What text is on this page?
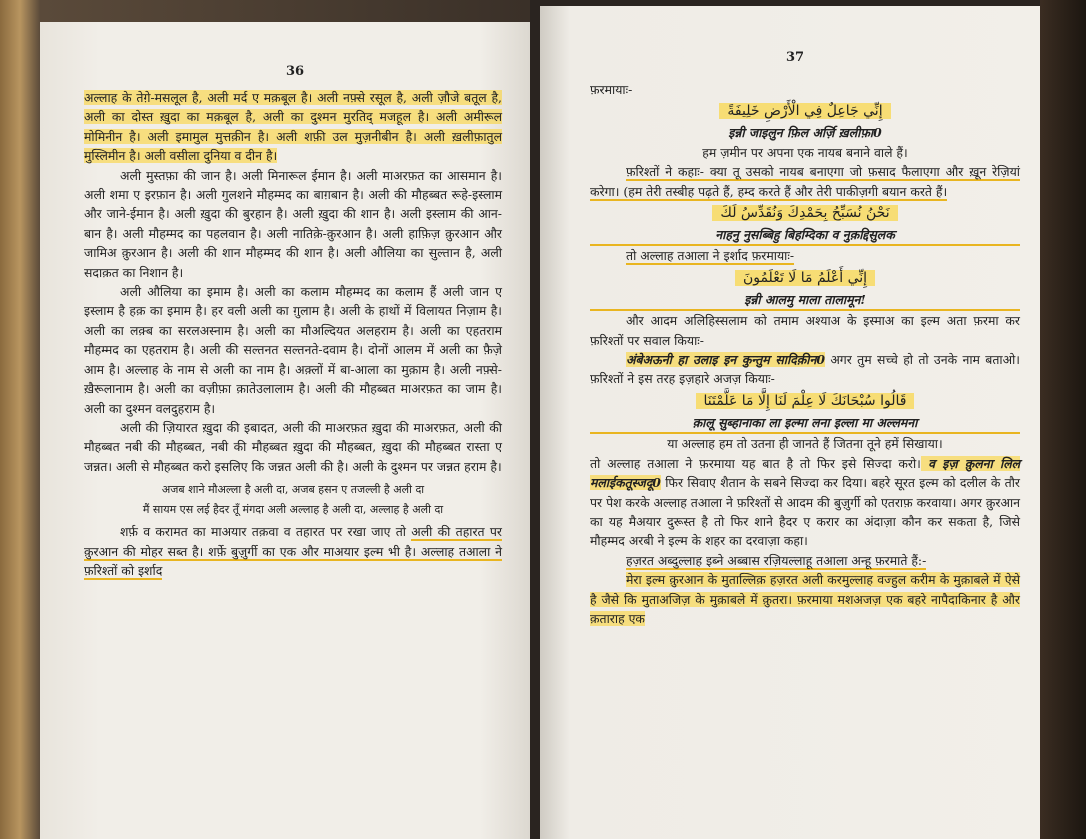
36

अल्लाह के तेग़े-मसलूल है, अली मर्द ए मक़बूल है। अली नफ़्से रसूल है, अली ज़ौजे बतूल है, अली का दोस्त ख़ुदा का मक़बूल है, अली का दुश्मन मुरतिद् मजहूल है। अली अमीरूल मोमिनीन है। अली इमामुल मुत्तक़ीन है। अली शफ़ी उल मुज़नीबीन है। अली ख़लीफ़ातुल मुस्लिमीन है। अली वसीला दुनिया व दीन है।

अली मुस्तफ़ा की जान है। अली मिनारूल ईमान है। अली माअरफ़त का आसमान है। अली शमा ए इरफ़ान है। अली गुलशने मौहम्मद का बाग़बान है। अली की मौहब्बत रूहे-इस्लाम और जाने-ईमान है। अली ख़ुदा की बुरहान है। अली ख़ुदा की शान है। अली इस्लाम की आन-बान है। अली मौहम्मद का पहलवान है। अली नातिक़े-क़ुरआन है। अली हाफ़िज़ क़ुरआन और जामिअ क़ुरआन है। अली की शान मौहम्मद की शान है। अली औलिया का सुल्तान है, अली सदाक़त का निशान है।

अली औलिया का इमाम है। अली का कलाम मौहम्मद का कलाम हैं अली जान ए इस्लाम है हक़ का इमाम है। हर वली अली का ग़ुलाम है। अली के हाथों में विलायत निज़ाम है। अली का लक़्ब का सरलअस्नाम है। अली का मौअल्दियत अलहराम है। अली का एहतराम मौहम्मद का एहतराम है। अली की सल्तनत सल्तनते-दवाम है। दोनों आलम में अली का फ़ैज़े आम है। अल्लाह के नाम से अली का नाम है। अक़्लों में बा-आला का मुक़ाम है। अली नफ़्से-ख़ैरूलानाम है। अली का वज़ीफ़ा क़ातेउलालाम है। अली की मौहब्बत माअरफ़त का जाम है। अली का दुश्मन वलदुहराम है।

अली की ज़ियारत ख़ुदा की इबादत, अली की माअरफ़त ख़ुदा की माअरफ़त, अली की मौहब्बत नबी की मौहब्बत, नबी की मौहब्बत ख़ुदा की मौहब्बत, ख़ुदा की मौहब्बत रास्ता ए जन्नत। अली से मौहब्बत करो इसलिए कि जन्नत अली की है। अली के दुश्मन पर जन्नत हराम है।

अजब शाने मौअल्ला है अली दा, अजब हसन ए तजल्ली है अली दा
मैं सायम एस लई हैदर तूँ मंगदा अली अल्लाह है अली दा, अल्लाह है अली दा

शर्फ़ व करामत का माअयार तक़वा व तहारत पर रखा जाए तो अली की तहारत पर क़ुरआन की मोहर सब्त है। शर्फ़े बुज़ुर्गी का एक और माअयार इल्म भी है। अल्लाह तआला ने फ़रिश्तों को इर्शाद

37

फ़रमायाः-

إِنِّي جَاعِلٌ فِي الْأَرْضِ خَلِيفَةً
इन्नी जाइलुन फ़िल अर्ज़ि ख़लीफ़ा0

हम ज़मीन पर अपना एक नायब बनाने वाले हैं।

फ़रिश्तों ने कहाः- क्या तू उसको नायब बनाएगा जो फ़साद फैलाएगा और ख़ून रेज़ियां करेगा। (हम तेरी तस्बीह पढ़ते हैं, हम्द करते हैं और तेरी पाकीज़गी बयान करते हैं।

نَحْنُ نُسَبِّحُ بِحَمْدِكَ وَنُقَدِّسُ لَكَ
नाहनु नुसब्बिहु बिहम्दिका व नुक़द्दिसुलक

तो अल्लाह तआला ने इर्शाद फ़रमायाः-

إِنِّي أَعْلَمُ مَا لَا تَعْلَمُونَ
इन्नी आलमु माला तालामून!

और आदम अलिहिस्सलाम को तमाम अश्याअ के इस्माअ का इल्म अता फ़रमा कर फ़रिश्तों पर सवाल कियाः-

अंबेअऊनी हा उलाइ इन कुन्तुम सादिक़ीन0 अगर तुम सच्चे हो तो उनके नाम बताओ। फ़रिश्तों ने इस तरह इज़हारे अजज़ कियाः-

قَالُوا سُبْحَانَكَ لَا عِلْمَ لَنَا إِلَّا مَا عَلَّمْتَنَا
क़ालू सुब्हानाका ला इल्मा लना इल्ला मा अल्लमना

या अल्लाह हम तो उतना ही जानते हैं जितना तूने हमें सिखाया।

तो अल्लाह तआला ने फ़रमाया यह बात है तो फिर इसे सिज्दा करो। व इज़ क़ुलना लिल मलाईकतूस्जदू0 फिर सिवाए शैतान के सबने सिज्दा कर दिया। बहरे सूरत इल्म को दलील के तौर पर पेश करके अल्लाह तआला ने फ़रिश्तों से आदम की बुज़ुर्गी को एतराफ़ करवाया। अगर क़ुरआन का यह मैअयार दुरूस्त है तो फिर शाने हैदर ए करार का अंदाज़ा कौन कर सकता है, जिसे मौहम्मद अरबी ने इल्म के शहर का दरवाज़ा कहा।

हज़रत अब्दुल्लाह इब्ने अब्बास रज़ियल्लाहू तआला अन्हू फ़रमाते हैं:-

मेरा इल्म क़ुरआन के मुताल्लिक़ हज़रत अली करमुल्लाह वज्हुल करीम के मुक़ाबले में ऐसे है जैसे कि मुताअजिज़ के मुक़ाबले में क़ुतरा। फ़रमाया मशअजज़ एक बहरे नापैदाकिनार है और क़ताराह एक
